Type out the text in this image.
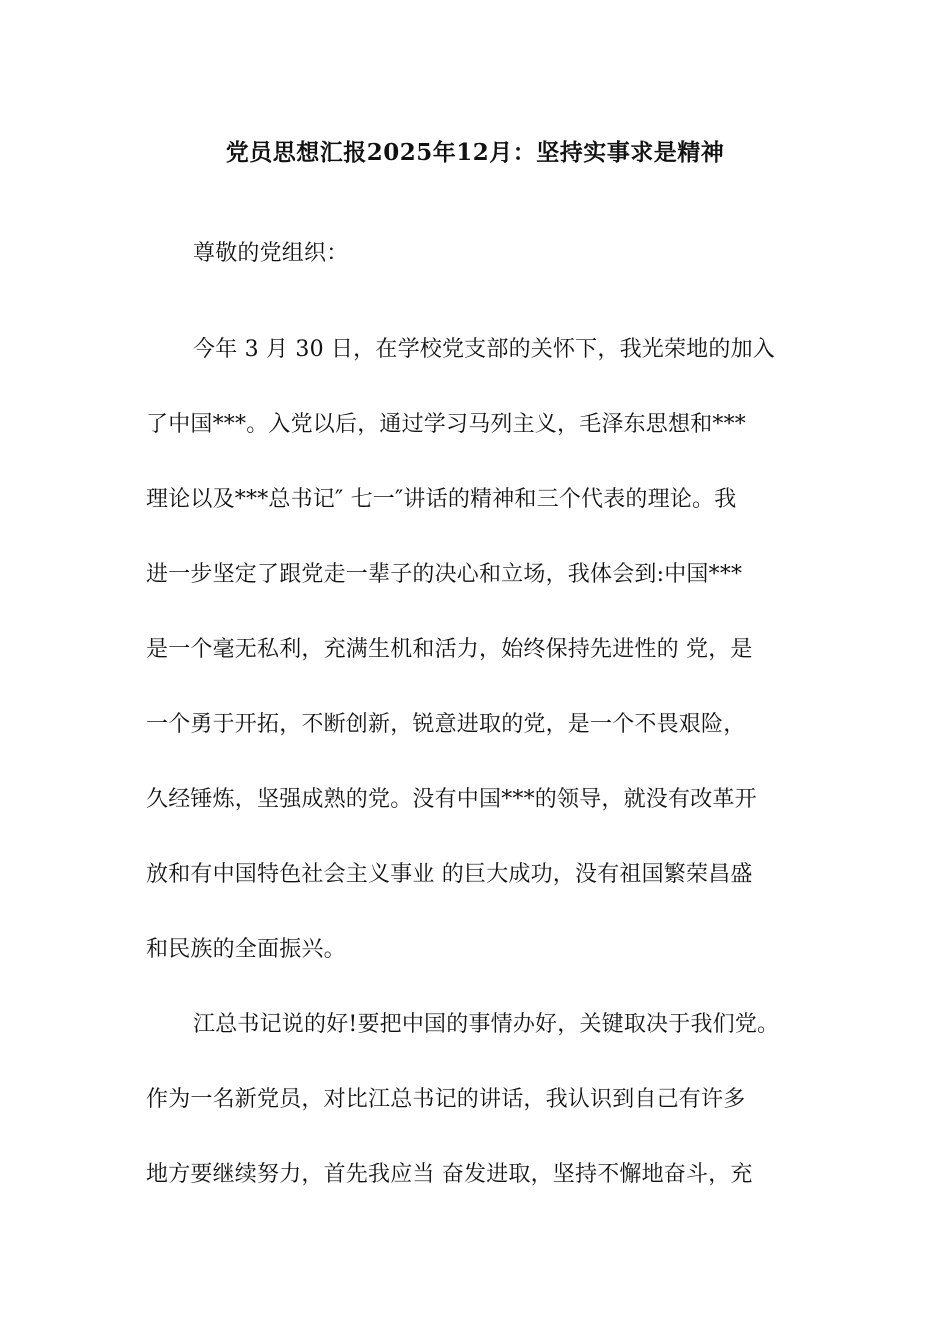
党员思想汇报2025年12月：坚持实事求是精神
尊敬的党组织：
今年 3 月 30 日，在学校党支部的关怀下，我光荣地的加入
了中国***。入党以后，通过学习马列主义，毛泽东思想和***
理论以及***总书记″ 七一″讲话的精神和三个代表的理论。我
进一步坚定了跟党走一辈子的决心和立场，我体会到:中国***
是一个毫无私利，充满生机和活力，始终保持先进性的 党，是
一个勇于开拓，不断创新，锐意进取的党，是一个不畏艰险，
久经锤炼，坚强成熟的党。没有中国***的领导，就没有改革开
放和有中国特色社会主义事业 的巨大成功，没有祖国繁荣昌盛
和民族的全面振兴。
江总书记说的好!要把中国的事情办好，关键取决于我们党。
作为一名新党员，对比江总书记的讲话，我认识到自己有许多
地方要继续努力，首先我应当 奋发进取，坚持不懈地奋斗，充
